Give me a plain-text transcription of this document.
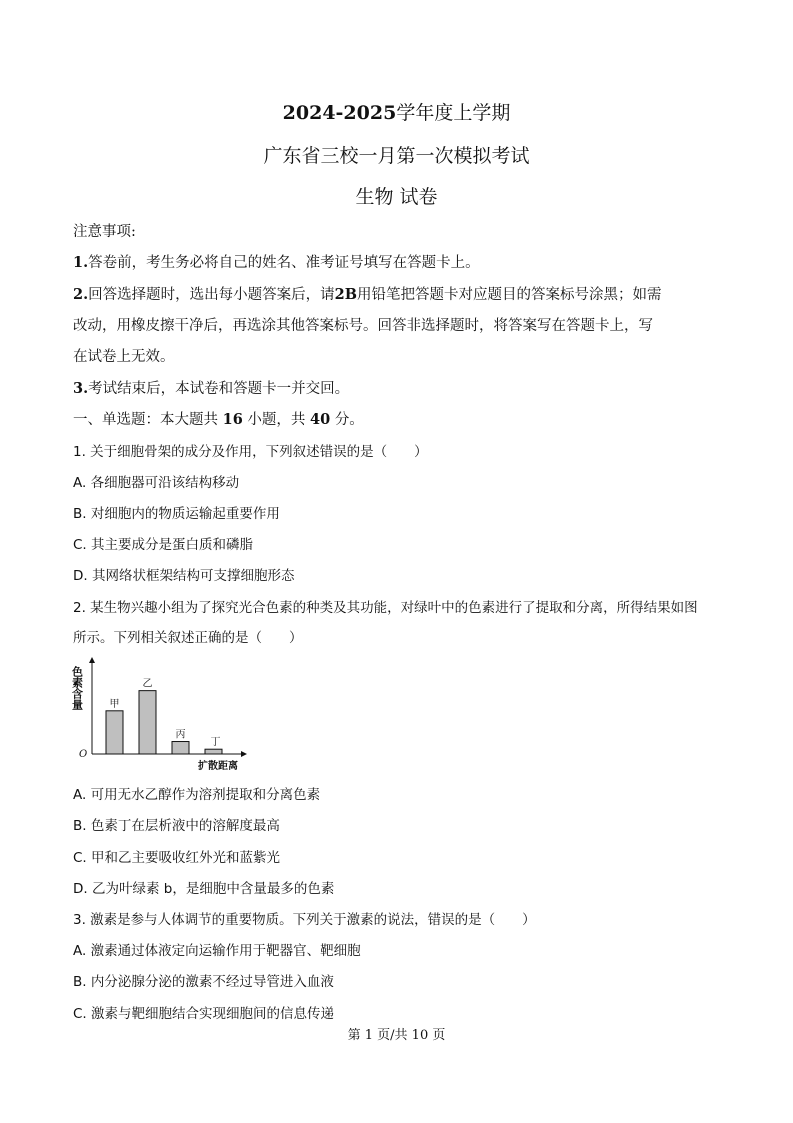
2024-2025学年度上学期
广东省三校一月第一次模拟考试
生物 试卷
注意事项:
1.答卷前，考生务必将自己的姓名、准考证号填写在答题卡上。
2.回答选择题时，选出每小题答案后，请2B用铅笔把答题卡对应题目的答案标号涂黑；如需
改动，用橡皮擦干净后，再选涂其他答案标号。回答非选择题时，将答案写在答题卡上，写
在试卷上无效。
3.考试结束后，本试卷和答题卡一并交回。
一、单选题：本大题共 16 小题，共 40 分。
1. 关于细胞骨架的成分及作用，下列叙述错误的是（　　）
A. 各细胞器可沿该结构移动
B. 对细胞内的物质运输起重要作用
C. 其主要成分是蛋白质和磷脂
D. 其网络状框架结构可支撑细胞形态
2. 某生物兴趣小组为了探究光合色素的种类及其功能，对绿叶中的色素进行了提取和分离，所得结果如图
所示。下列相关叙述正确的是（　　）
色素含量
O
扩散距离
甲
乙
丙
丁
A. 可用无水乙醇作为溶剂提取和分离色素
B. 色素丁在层析液中的溶解度最高
C. 甲和乙主要吸收红外光和蓝紫光
D. 乙为叶绿素 b，是细胞中含量最多的色素
3. 激素是参与人体调节的重要物质。下列关于激素的说法，错误的是（　　）
A. 激素通过体液定向运输作用于靶器官、靶细胞
B. 内分泌腺分泌的激素不经过导管进入血液
C. 激素与靶细胞结合实现细胞间的信息传递
第 1 页/共 10 页
